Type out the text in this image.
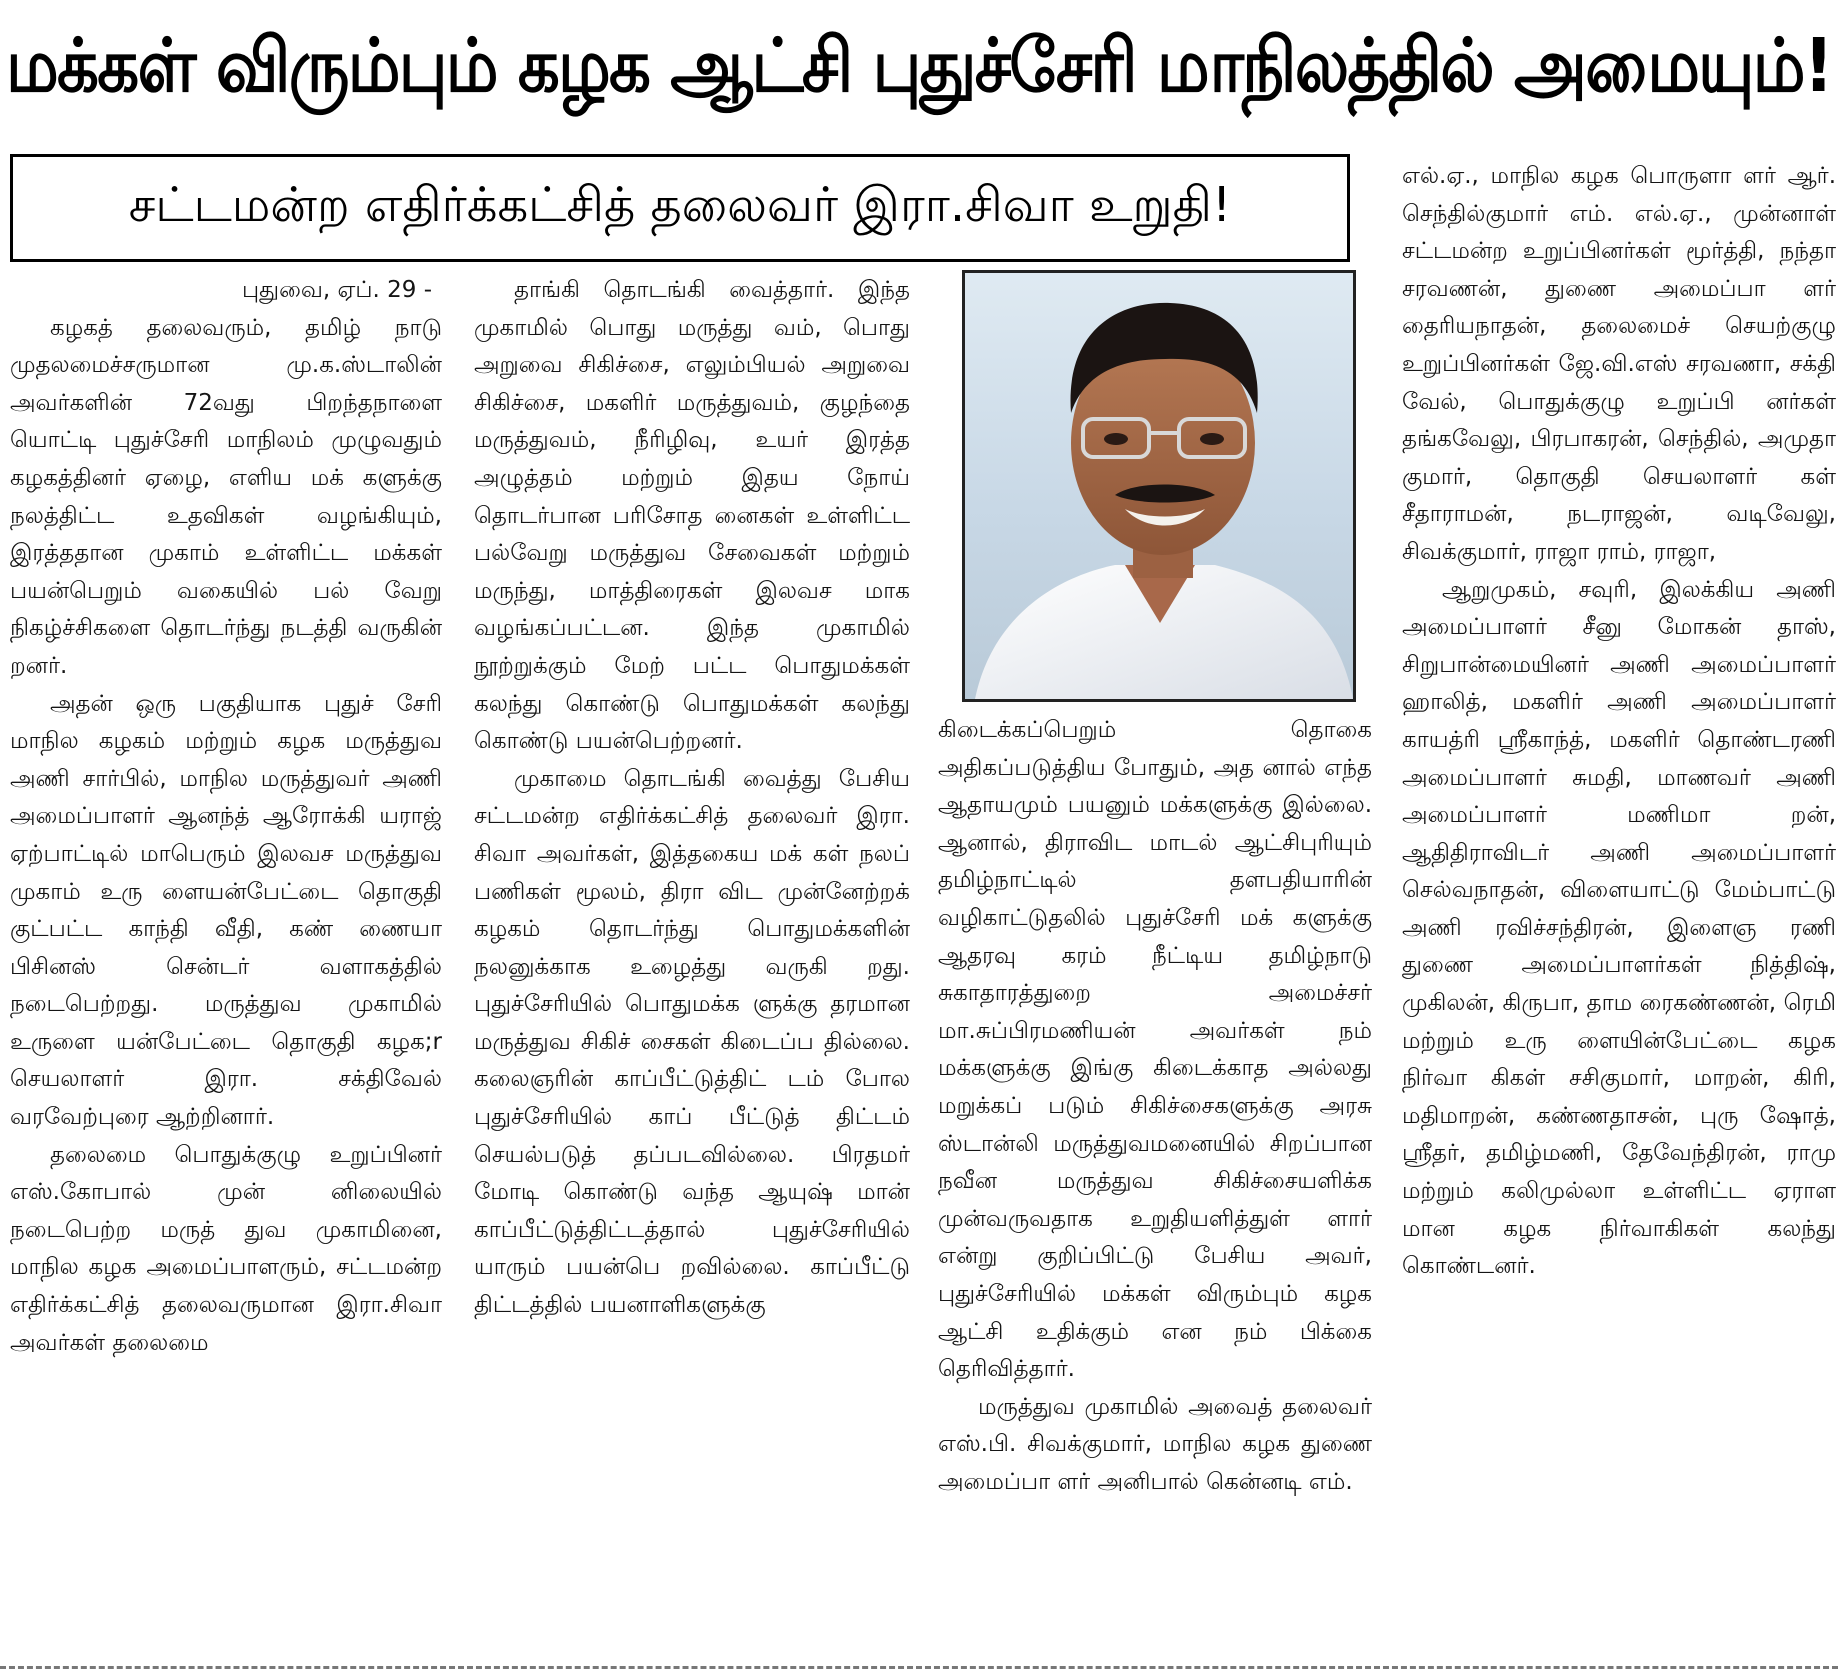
மக்கள் விரும்பும் கழக ஆட்சி புதுச்சேரி மாநிலத்தில் அமையும்!
சட்டமன்ற எதிர்க்கட்சித் தலைவர் இரா.சிவா உறுதி!
புதுவை, ஏப். 29 -

கழகத் தலைவரும், தமிழ் நாடு முதலமைச்சருமான மு.க.ஸ்டாலின் அவர்களின் 72வது பிறந்தநாளை யொட்டி புதுச்சேரி மாநிலம் முழுவதும் கழகத்தினர் ஏழை, எளிய மக் களுக்கு நலத்திட்ட உதவிகள் வழங்கியும், இரத்ததான முகாம் உள்ளிட்ட மக்கள் பயன்பெறும் வகையில் பல் வேறு நிகழ்ச்சிகளை தொடர்ந்து நடத்தி வருகின் றனர்.

அதன் ஒரு பகுதியாக புதுச் சேரி மாநில கழகம் மற்றும் கழக மருத்துவ அணி சார்பில், மாநில மருத்துவர் அணி அமைப்பாளர் ஆனந்த் ஆரோக்கி யராஜ் ஏற்பாட்டில் மாபெரும் இலவச மருத்துவ முகாம் உரு ளையன்பேட்டை தொகுதி குட்பட்ட காந்தி வீதி, கண் ணையா பிசினஸ் சென்டர் வளாகத்தில் நடைபெற்றது. மருத்துவ முகாமில் உருளை யன்பேட்டை தொகுதி கழக;r செயலாளர் இரா. சக்திவேல் வரவேற்புரை ஆற்றினார்.

தலைமை பொதுக்குழு உறுப்பினர் எஸ்.கோபால் முன் னிலையில் நடைபெற்ற மருத் துவ முகாமினை, மாநில கழக அமைப்பாளரும், சட்டமன்ற எதிர்க்கட்சித் தலைவருமான இரா.சிவா அவர்கள் தலைமை

தாங்கி தொடங்கி வைத்தார். இந்த முகாமில் பொது மருத்து வம், பொது அறுவை சிகிச்சை, எலும்பியல் அறுவை சிகிச்சை, மகளிர் மருத்துவம், குழந்தை மருத்துவம், நீரிழிவு, உயர் இரத்த அழுத்தம் மற்றும் இதய நோய் தொடர்பான பரிசோத னைகள் உள்ளிட்ட பல்வேறு மருத்துவ சேவைகள் மற்றும் மருந்து, மாத்திரைகள் இலவச மாக வழங்கப்பட்டன. இந்த முகாமில் நூற்றுக்கும் மேற் பட்ட பொதுமக்கள் கலந்து கொண்டு பொதுமக்கள் கலந்து கொண்டு பயன்பெற்றனர்.

முகாமை தொடங்கி வைத்து பேசிய சட்டமன்ற எதிர்க்கட்சித் தலைவர் இரா. சிவா அவர்கள், இத்தகைய மக் கள் நலப் பணிகள் மூலம், திரா விட முன்னேற்றக் கழகம் தொடர்ந்து பொதுமக்களின் நலனுக்காக உழைத்து வருகி றது. புதுச்சேரியில் பொதுமக்க ளுக்கு தரமான மருத்துவ சிகிச் சைகள் கிடைப்ப தில்லை. கலைஞரின் காப்பீட்டுத்திட் டம் போல புதுச்சேரியில் காப் பீட்டுத் திட்டம் செயல்படுத் தப்படவில்லை. பிரதமர் மோடி கொண்டு வந்த ஆயுஷ் மான் காப்பீட்டுத்திட்டத்தால் புதுச்சேரியில் யாரும் பயன்பெ றவில்லை. காப்பீட்டு திட்டத்தில் பயனாளிகளுக்கு

கிடைக்கப்பெறும் தொகை அதிகப்படுத்திய போதும், அத னால் எந்த ஆதாயமும் பயனும் மக்களுக்கு இல்லை. ஆனால், திராவிட மாடல் ஆட்சிபுரியும் தமிழ்நாட்டில் தளபதியாரின் வழிகாட்டுதலில் புதுச்சேரி மக் களுக்கு ஆதரவு கரம் நீட்டிய தமிழ்நாடு சுகாதாரத்துறை அமைச்சர் மா.சுப்பிரமணியன் அவர்கள் நம் மக்களுக்கு இங்கு கிடைக்காத அல்லது மறுக்கப் படும் சிகிச்சைகளுக்கு அரசு ஸ்டான்லி மருத்துவமனையில் சிறப்பான நவீன மருத்துவ சிகிச்சையளிக்க முன்வருவதாக உறுதியளித்துள் ளார் என்று குறிப்பிட்டு பேசிய அவர், புதுச்சேரியில் மக்கள் விரும்பும் கழக ஆட்சி உதிக்கும் என நம் பிக்கை தெரிவித்தார்.

மருத்துவ முகாமில் அவைத் தலைவர் எஸ்.பி. சிவக்குமார், மாநில கழக துணை அமைப்பா ளர் அனிபால் கென்னடி எம்.

எல்.ஏ., மாநில கழக பொருளா ளர் ஆர். செந்தில்குமார் எம். எல்.ஏ., முன்னாள் சட்டமன்ற உறுப்பினர்கள் மூர்த்தி, நந்தா சரவணன், துணை அமைப்பா ளர் தைரியநாதன், தலைமைச் செயற்குழு உறுப்பினர்கள் ஜே.வி.எஸ் சரவணா, சக்தி வேல், பொதுக்குழு உறுப்பி னர்கள் தங்கவேலு, பிரபாகரன், செந்தில், அமுதா குமார், தொகுதி செயலாளர் கள் சீதாராமன், நடராஜன், வடிவேலு, சிவக்குமார், ராஜா ராம், ராஜா,

ஆறுமுகம், சவுரி, இலக்கிய அணி அமைப்பாளர் சீனு மோகன் தாஸ், சிறுபான்மையினர் அணி அமைப்பாளர் ஹாலித், மகளிர் அணி அமைப்பாளர் காயத்ரி ஸ்ரீகாந்த், மகளிர் தொண்டரணி அமைப்பாளர் சுமதி, மாணவர் அணி அமைப்பாளர் மணிமா றன், ஆதிதிராவிடர் அணி அமைப்பாளர் செல்வநாதன், விளையாட்டு மேம்பாட்டு அணி ரவிச்சந்திரன், இளைஞ ரணி துணை அமைப்பாளர்கள் நித்திஷ், முகிலன், கிருபா, தாம ரைகண்ணன், ரெமி மற்றும் உரு ளையின்பேட்டை கழக நிர்வா கிகள் சசிகுமார், மாறன், கிரி, மதிமாறன், கண்ணதாசன், புரு ஷோத், ஸ்ரீதர், தமிழ்மணி, தேவேந்திரன், ராமு மற்றும் கலிமுல்லா உள்ளிட்ட ஏராள மான கழக நிர்வாகிகள் கலந்து கொண்டனர்.
